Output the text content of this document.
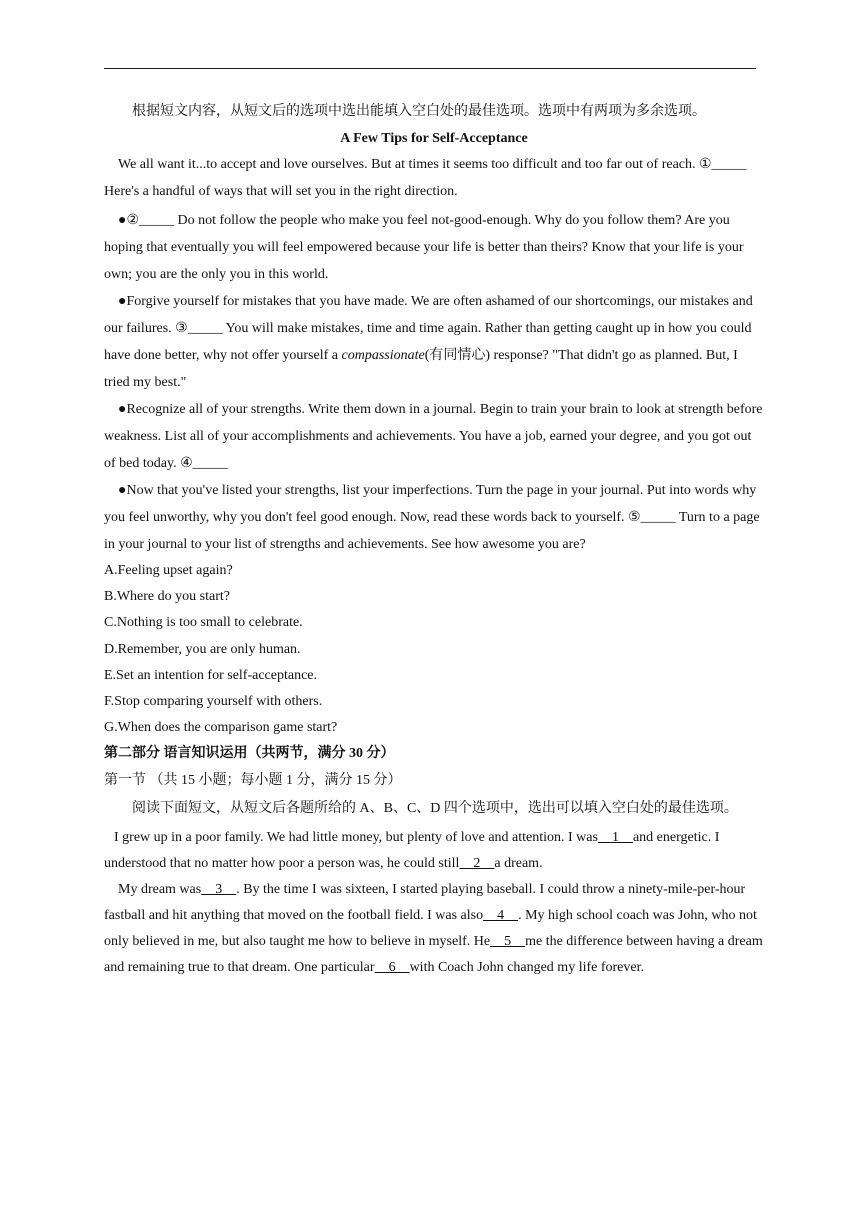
根据短文内容，从短文后的选项中选出能填入空白处的最佳选项。选项中有两项为多余选项。

A Few Tips for Self-Acceptance

We all want it...to accept and love ourselves. But at times it seems too difficult and too far out of reach. ①_____ Here's a handful of ways that will set you in the right direction.

●②_____ Do not follow the people who make you feel not-good-enough. Why do you follow them? Are you hoping that eventually you will feel empowered because your life is better than theirs? Know that your life is your own; you are the only you in this world.

●Forgive yourself for mistakes that you have made. We are often ashamed of our shortcomings, our mistakes and our failures. ③_____ You will make mistakes, time and time again. Rather than getting caught up in how you could have done better, why not offer yourself a compassionate(有同情心) response? "That didn't go as planned. But, I tried my best."

●Recognize all of your strengths. Write them down in a journal. Begin to train your brain to look at strength before weakness. List all of your accomplishments and achievements. You have a job, earned your degree, and you got out of bed today. ④_____

●Now that you've listed your strengths, list your imperfections. Turn the page in your journal. Put into words why you feel unworthy, why you don't feel good enough. Now, read these words back to yourself. ⑤_____ Turn to a page in your journal to your list of strengths and achievements. See how awesome you are?

A.Feeling upset again?

B.Where do you start?

C.Nothing is too small to celebrate.

D.Remember, you are only human.

E.Set an intention for self-acceptance.

F.Stop comparing yourself with others.

G.When does the comparison game start?

第二部分 语言知识运用（共两节，满分 30 分）

第一节 （共 15 小题；每小题 1 分，满分 15 分）

阅读下面短文，从短文后各题所给的 A、B、C、D 四个选项中，选出可以填入空白处的最佳选项。

I grew up in a poor family. We had little money, but plenty of love and attention. I was    1    and energetic. I understood that no matter how poor a person was, he could still    2    a dream.

My dream was    3    . By the time I was sixteen, I started playing baseball. I could throw a ninety-mile-per-hour fastball and hit anything that moved on the football field. I was also    4    . My high school coach was John, who not only believed in me, but also taught me how to believe in myself. He    5    me the difference between having a dream and remaining true to that dream. One particular    6    with Coach John changed my life forever.
